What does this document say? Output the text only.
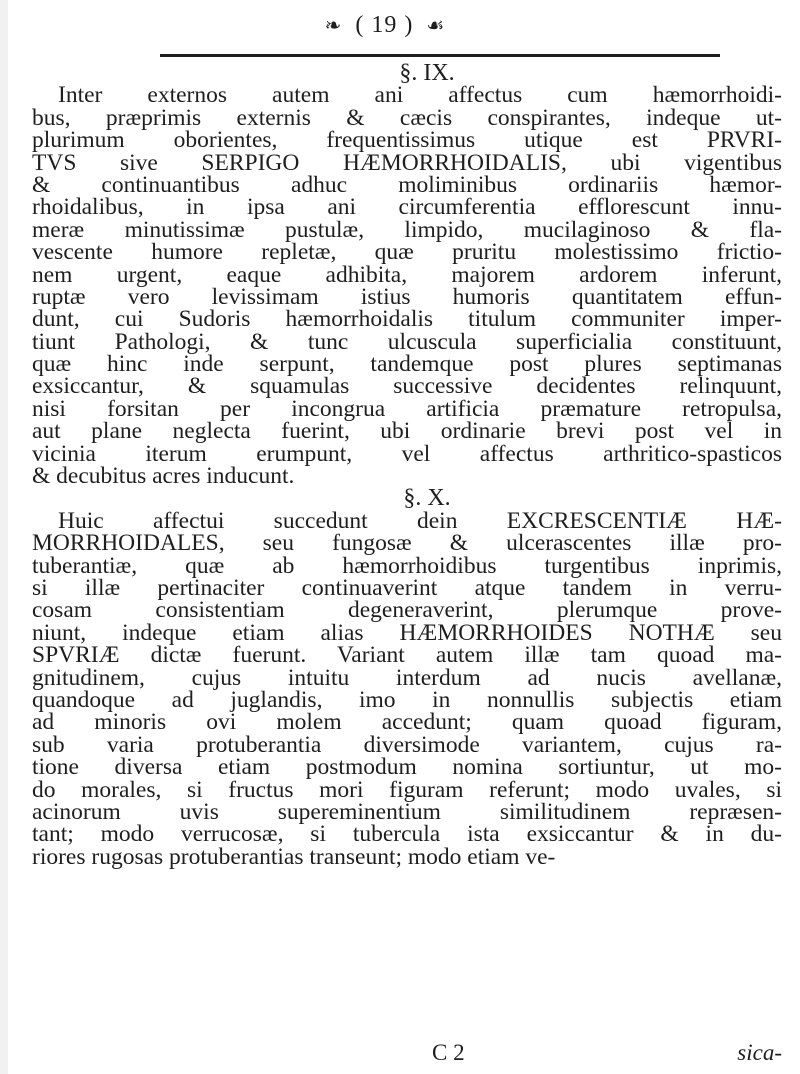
❧ ( 19 ) ☙
§. IX.
Inter externos autem ani affectus cum hæmorrhoidi-
bus, præprimis externis & cæcis conspirantes, indeque ut-
plurimum oborientes, frequentissimus utique est PRVRI-
TVS sive SERPIGO HÆMORRHOIDALIS, ubi vigentibus
& continuantibus adhuc moliminibus ordinariis hæmor-
rhoidalibus, in ipsa ani circumferentia efflorescunt innu-
meræ minutissimæ pustulæ, limpido, mucilaginoso & fla-
vescente humore repletæ, quæ pruritu molestissimo frictio-
nem urgent, eaque adhibita, majorem ardorem inferunt,
ruptæ vero levissimam istius humoris quantitatem effun-
dunt, cui Sudoris hæmorrhoidalis titulum communiter imper-
tiunt Pathologi, & tunc ulcuscula superficialia constituunt,
quæ hinc inde serpunt, tandemque post plures septimanas
exsiccantur, & squamulas successive decidentes relinquunt,
nisi forsitan per incongrua artificia præmature retropulsa,
aut plane neglecta fuerint, ubi ordinarie brevi post vel in
vicinia iterum erumpunt, vel affectus arthritico-spasticos
& decubitus acres inducunt.
§. X.
Huic affectui succedunt dein EXCRESCENTIÆ HÆ-
MORRHOIDALES, seu fungosæ & ulcerascentes illæ pro-
tuberantiæ, quæ ab hæmorrhoidibus turgentibus inprimis,
si illæ pertinaciter continuaverint atque tandem in verru-
cosam consistentiam degeneraverint, plerumque prove-
niunt, indeque etiam alias HÆMORRHOIDES NOTHÆ seu
SPVRIÆ dictæ fuerunt. Variant autem illæ tam quoad ma-
gnitudinem, cujus intuitu interdum ad nucis avellanæ,
quandoque ad juglandis, imo in nonnullis subjectis etiam
ad minoris ovi molem accedunt; quam quoad figuram,
sub varia protuberantia diversimode variantem, cujus ra-
tione diversa etiam postmodum nomina sortiuntur, ut mo-
do morales, si fructus mori figuram referunt; modo uvales, si
acinorum uvis supereminentium similitudinem repræsen-
tant; modo verrucosæ, si tubercula ista exsiccantur & in du-
riores rugosas protuberantias transeunt; modo etiam ve-
C 2	sica-
